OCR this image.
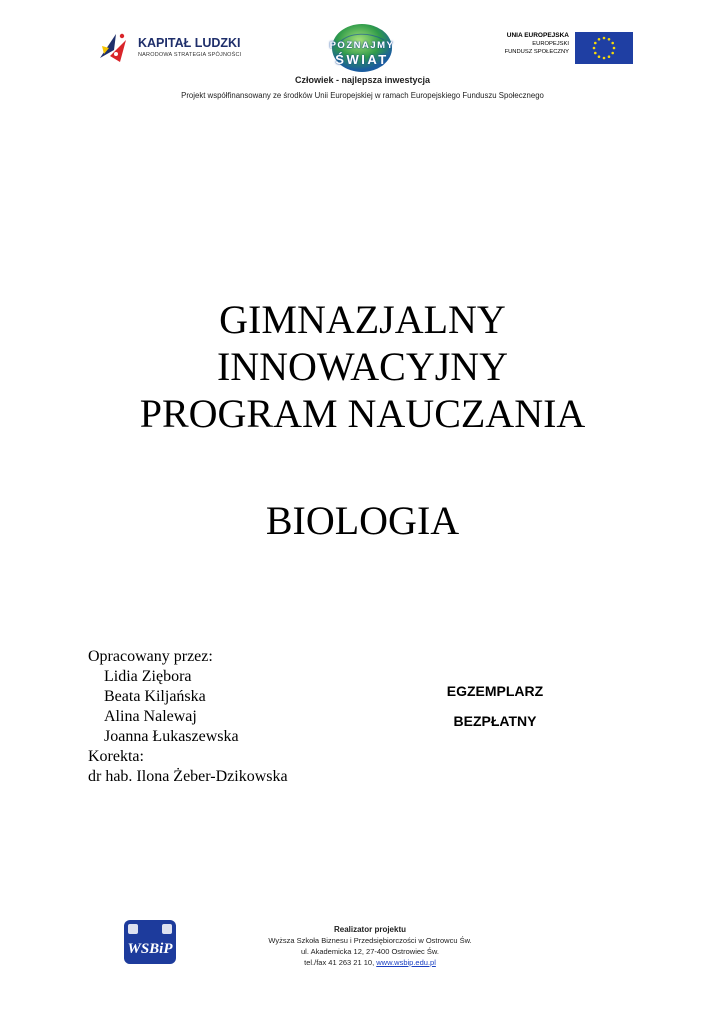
KAPITAŁ LUDZKI
NARODOWA STRATEGIA SPÓJNOŚCI
POZNAJMY
ŚWIAT
UNIA EUROPEJSKA
EUROPEJSKI
FUNDUSZ SPOŁECZNY
Człowiek - najlepsza inwestycja
Projekt współfinansowany ze środków Unii Europejskiej w ramach Europejskiego Funduszu Społecznego
GIMNAZJALNY
INNOWACYJNY
PROGRAM NAUCZANIA
BIOLOGIA
Opracowany przez:
Lidia Ziębora
Beata Kiljańska
Alina Nalewaj
Joanna Łukaszewska
Korekta:
dr hab. Ilona Żeber-Dzikowska
EGZEMPLARZ
BEZPŁATNY
WSBiP
Realizator projektu
Wyższa Szkoła Biznesu i Przedsiębiorczości w Ostrowcu Św.
ul. Akademicka 12, 27-400 Ostrowiec Św.
tel./fax 41 263 21 10, www.wsbip.edu.pl
